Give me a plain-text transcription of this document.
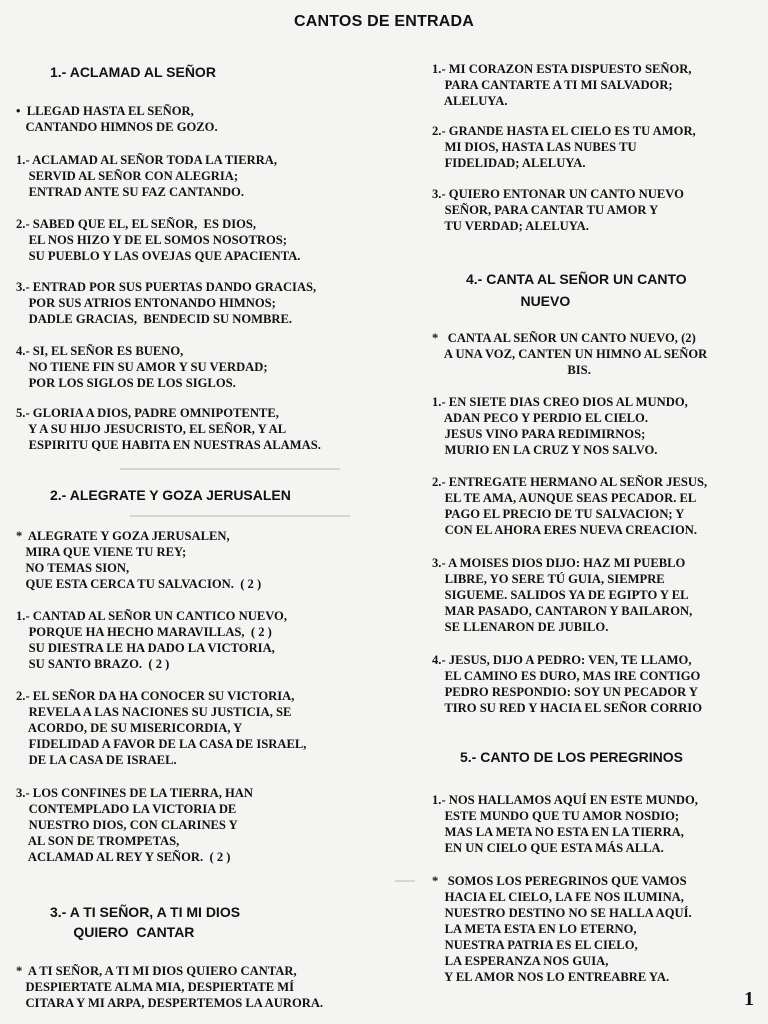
CANTOS DE ENTRADA
1.- ACLAMAD AL SEÑOR
•  LLEGAD HASTA EL SEÑOR,
CANTANDO HIMNOS DE GOZO.
1.- ACLAMAD AL SEÑOR TODA LA TIERRA,
SERVID AL SEÑOR CON ALEGRIA;
ENTRAD ANTE SU FAZ CANTANDO.
2.- SABED QUE EL, EL SEÑOR,  ES DIOS,
EL NOS HIZO Y DE EL SOMOS NOSOTROS;
SU PUEBLO Y LAS OVEJAS QUE APACIENTA.
3.- ENTRAD POR SUS PUERTAS DANDO GRACIAS,
POR SUS ATRIOS ENTONANDO HIMNOS;
DADLE GRACIAS,  BENDECID SU NOMBRE.
4.- SI, EL SEÑOR ES BUENO,
NO TIENE FIN SU AMOR Y SU VERDAD;
POR LOS SIGLOS DE LOS SIGLOS.
5.- GLORIA A DIOS, PADRE OMNIPOTENTE,
Y A SU HIJO JESUCRISTO, EL SEÑOR, Y AL
ESPIRITU QUE HABITA EN NUESTRAS ALAMAS.
2.- ALEGRATE Y GOZA JERUSALEN
*  ALEGRATE Y GOZA JERUSALEN,
MIRA QUE VIENE TU REY;
NO TEMAS SION,
QUE ESTA CERCA TU SALVACION.  ( 2 )
1.- CANTAD AL SEÑOR UN CANTICO NUEVO,
PORQUE HA HECHO MARAVILLAS,  ( 2 )
SU DIESTRA LE HA DADO LA VICTORIA,
SU SANTO BRAZO.  ( 2 )
2.- EL SEÑOR DA HA CONOCER SU VICTORIA,
REVELA A LAS NACIONES SU JUSTICIA, SE
ACORDO, DE SU MISERICORDIA, Y
FIDELIDAD A FAVOR DE LA CASA DE ISRAEL,
DE LA CASA DE ISRAEL.
3.- LOS CONFINES DE LA TIERRA, HAN
CONTEMPLADO LA VICTORIA DE
NUESTRO DIOS, CON CLARINES Y
AL SON DE TROMPETAS,
ACLAMAD AL REY Y SEÑOR.  ( 2 )
3.- A TI SEÑOR, A TI MI DIOS
QUIERO  CANTAR
*  A TI SEÑOR, A TI MI DIOS QUIERO CANTAR,
DESPIERTATE ALMA MIA, DESPIERTATE MÍ
CITARA Y MI ARPA, DESPERTEMOS LA AURORA.
1.- MI CORAZON ESTA DISPUESTO SEÑOR,
PARA CANTARTE A TI MI SALVADOR;
ALELUYA.
2.- GRANDE HASTA EL CIELO ES TU AMOR,
MI DIOS, HASTA LAS NUBES TU
FIDELIDAD; ALELUYA.
3.- QUIERO ENTONAR UN CANTO NUEVO
SEÑOR, PARA CANTAR TU AMOR Y
TU VERDAD; ALELUYA.
4.- CANTA AL SEÑOR UN CANTO
NUEVO
*   CANTA AL SEÑOR UN CANTO NUEVO, (2)
A UNA VOZ, CANTEN UN HIMNO AL SEÑOR
BIS.
1.- EN SIETE DIAS CREO DIOS AL MUNDO,
ADAN PECO Y PERDIO EL CIELO.
JESUS VINO PARA REDIMIRNOS;
MURIO EN LA CRUZ Y NOS SALVO.
2.- ENTREGATE HERMANO AL SEÑOR JESUS,
EL TE AMA, AUNQUE SEAS PECADOR. EL
PAGO EL PRECIO DE TU SALVACION; Y
CON EL AHORA ERES NUEVA CREACION.
3.- A MOISES DIOS DIJO: HAZ MI PUEBLO
LIBRE, YO SERE TÚ GUIA, SIEMPRE
SIGUEME. SALIDOS YA DE EGIPTO Y EL
MAR PASADO, CANTARON Y BAILARON,
SE LLENARON DE JUBILO.
4.- JESUS, DIJO A PEDRO: VEN, TE LLAMO,
EL CAMINO ES DURO, MAS IRE CONTIGO
PEDRO RESPONDIO: SOY UN PECADOR Y
TIRO SU RED Y HACIA EL SEÑOR CORRIO
5.- CANTO DE LOS PEREGRINOS
1.- NOS HALLAMOS AQUÍ EN ESTE MUNDO,
ESTE MUNDO QUE TU AMOR NOSDIO;
MAS LA META NO ESTA EN LA TIERRA,
EN UN CIELO QUE ESTA MÁS ALLA.
*   SOMOS LOS PEREGRINOS QUE VAMOS
HACIA EL CIELO, LA FE NOS ILUMINA,
NUESTRO DESTINO NO SE HALLA AQUÍ.
LA META ESTA EN LO ETERNO,
NUESTRA PATRIA ES EL CIELO,
LA ESPERANZA NOS GUIA,
Y EL AMOR NOS LO ENTREABRE YA.
1
